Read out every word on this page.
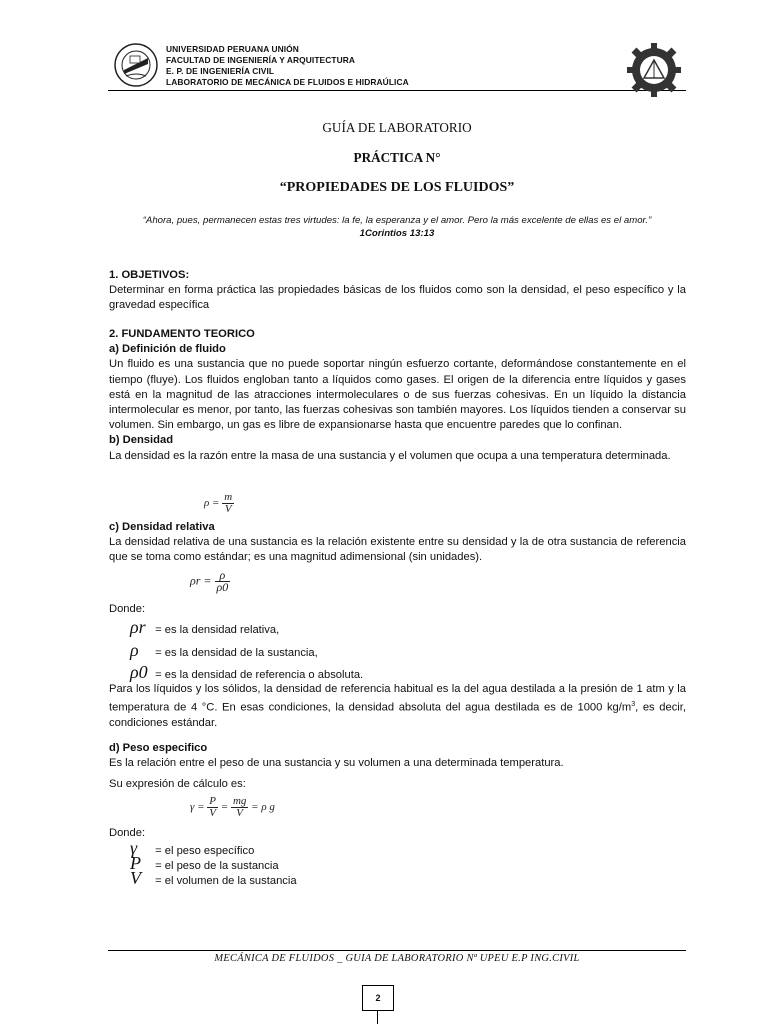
UNIVERSIDAD PERUANA UNIÓN
FACULTAD DE INGENIERÍA Y ARQUITECTURA
E. P. DE INGENIERÍA CIVIL
LABORATORIO DE MECÁNICA DE FLUIDOS E HIDRAÚLICA
GUÍA DE LABORATORIO
PRÁCTICA N°
“PROPIEDADES DE LOS FLUIDOS”
“Ahora, pues, permanecen estas tres virtudes: la fe, la esperanza y el amor. Pero la más excelente de ellas es el amor.”
1Corintios 13:13
1. OBJETIVOS:
Determinar en forma práctica las propiedades básicas de los fluidos como son la densidad, el peso específico y la gravedad específica
2. FUNDAMENTO TEORICO
a) Definición de fluido
Un fluido es una sustancia que no puede soportar ningún esfuerzo cortante, deformándose constantemente en el tiempo (fluye). Los fluidos engloban tanto a líquidos como gases. El origen de la diferencia entre líquidos y gases está en la magnitud de las atracciones intermoleculares o de sus fuerzas cohesivas. En un líquido la distancia intermolecular es menor, por tanto, las fuerzas cohesivas son también mayores. Los líquidos tienden a conservar su volumen. Sin embargo, un gas es libre de expansionarse hasta que encuentre paredes que lo confinan.
b) Densidad
La densidad es la razón entre la masa de una sustancia y el volumen que ocupa a una temperatura determinada.
$\rho = \frac{m}{V}$
c) Densidad relativa
La densidad relativa de una sustancia es la relación existente entre su densidad y la de otra sustancia de referencia que se toma como estándar; es una magnitud adimensional (sin unidades).
$\rho r = \frac{\rho}{\rho 0}$
Donde:
ρr = es la densidad relativa,
ρ = es la densidad de la sustancia,
ρ0 = es la densidad de referencia o absoluta.
Para los líquidos y los sólidos, la densidad de referencia habitual es la del agua destilada a la presión de 1 atm y la temperatura de 4 °C. En esas condiciones, la densidad absoluta del agua destilada es de 1000 $kg/m^3$, es decir, condiciones estándar.
d) Peso especifico
Es la relación entre el peso de una sustancia y su volumen a una determinada temperatura.
Su expresión de cálculo es:
$\gamma = \frac{P}{V} = \frac{mg}{V} = \rho$ g
Donde:
γ = el peso específico
P = el peso de la sustancia
V = el volumen de la sustancia
MECÁNICA DE FLUIDOS _ GUIA DE LABORATORIO Nª UPEU E.P ING.CIVIL
2
